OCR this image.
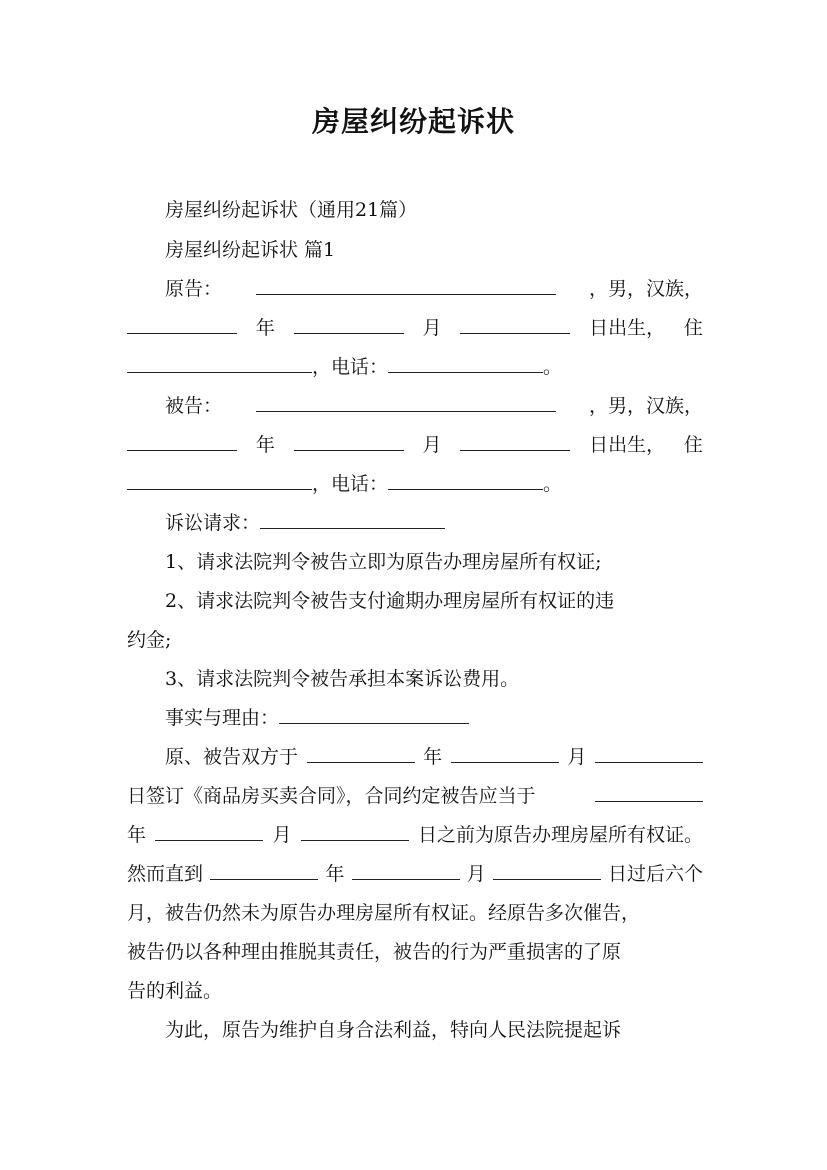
房屋纠纷起诉状

房屋纠纷起诉状（通用21篇）

房屋纠纷起诉状 篇1

原告：	，男，汉族，
年	月	日出生， 住
，电话：	。
被告：	，男，汉族，
年	月	日出生， 住
，电话：	。
诉讼请求：

1、请求法院判令被告立即为原告办理房屋所有权证;

2、请求法院判令被告支付逾期办理房屋所有权证的违

约金;

3、请求法院判令被告承担本案诉讼费用。

事实与理由：
原、被告双方于	年	月
日签订《商品房买卖合同》，合同约定被告应当于
年	月	日之前为原告办理房屋所有权证。
然而直到	年	月	日过后六个

月，被告仍然未为原告办理房屋所有权证。经原告多次催告，

被告仍以各种理由推脱其责任，被告的行为严重损害的了原

告的利益。

为此，原告为维护自身合法利益，特向人民法院提起诉
